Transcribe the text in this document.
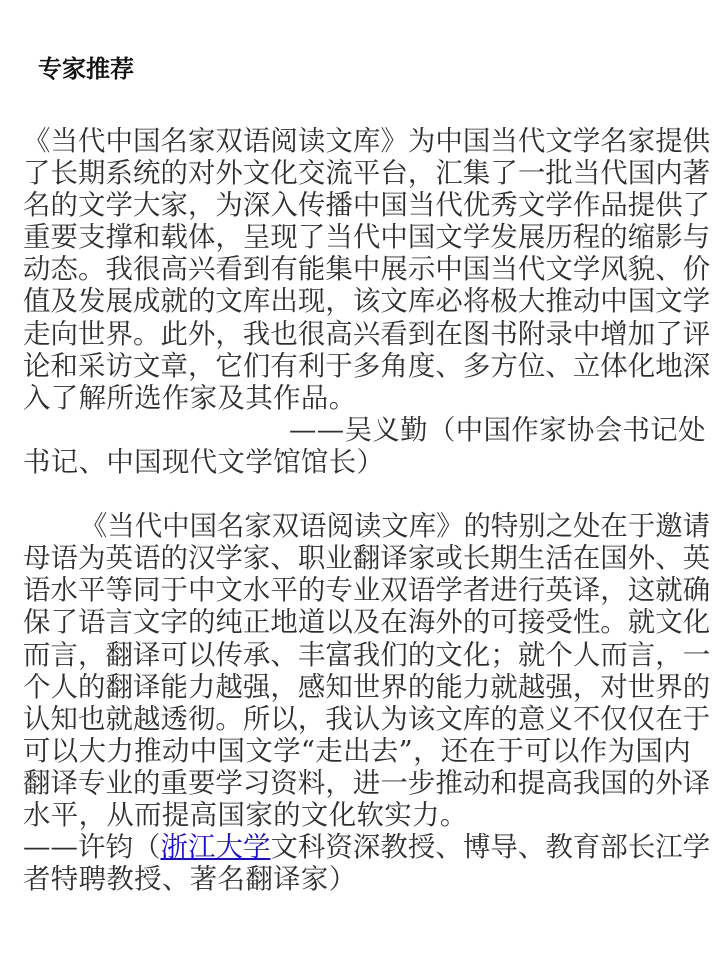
专家推荐
《当代中国名家双语阅读文库》为中国当代文学名家提供
了长期系统的对外文化交流平台，汇集了一批当代国内著
名的文学大家，为深入传播中国当代优秀文学作品提供了
重要支撑和载体，呈现了当代中国文学发展历程的缩影与
动态。我很高兴看到有能集中展示中国当代文学风貌、价
值及发展成就的文库出现，该文库必将极大推动中国文学
走向世界。此外，我也很高兴看到在图书附录中增加了评
论和采访文章，它们有利于多角度、多方位、立体化地深
入了解所选作家及其作品。
——吴义勤（中国作家协会书记处
书记、中国现代文学馆馆长）
《当代中国名家双语阅读文库》的特别之处在于邀请
母语为英语的汉学家、职业翻译家或长期生活在国外、英
语水平等同于中文水平的专业双语学者进行英译，这就确
保了语言文字的纯正地道以及在海外的可接受性。就文化
而言，翻译可以传承、丰富我们的文化；就个人而言，一
个人的翻译能力越强，感知世界的能力就越强，对世界的
认知也就越透彻。所以，我认为该文库的意义不仅仅在于
可以大力推动中国文学“走出去”，还在于可以作为国内
翻译专业的重要学习资料，进一步推动和提高我国的外译
水平，从而提高国家的文化软实力。
——许钧（浙江大学文科资深教授、博导、教育部长江学
者特聘教授、著名翻译家）
